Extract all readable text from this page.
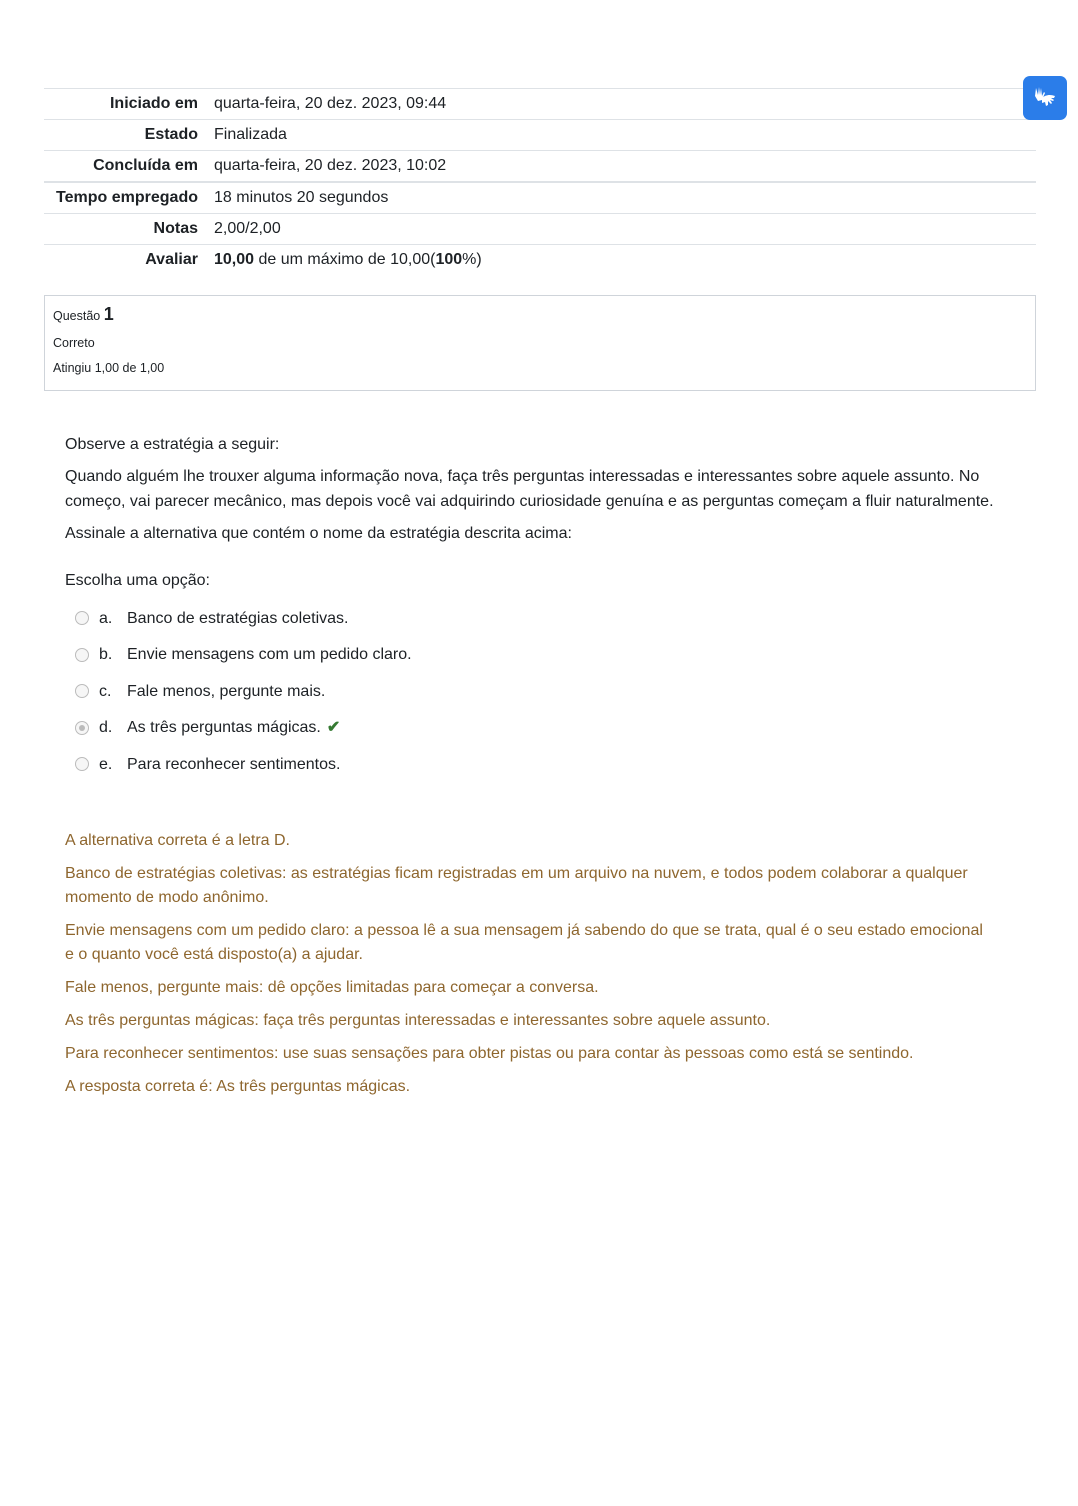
Iniciado em	quarta-feira, 20 dez. 2023, 09:44
Estado	Finalizada
Concluída em	quarta-feira, 20 dez. 2023, 10:02
Tempo empregado	18 minutos 20 segundos
Notas	2,00/2,00
Avaliar	10,00 de um máximo de 10,00(100%)
Questão 1
Correto
Atingiu 1,00 de 1,00

Observe a estratégia a seguir:

Quando alguém lhe trouxer alguma informação nova, faça três perguntas interessadas e interessantes sobre aquele assunto. No começo, vai parecer mecânico, mas depois você vai adquirindo curiosidade genuína e as perguntas começam a fluir naturalmente.

Assinale a alternativa que contém o nome da estratégia descrita acima:

Escolha uma opção:

a. Banco de estratégias coletivas.
b. Envie mensagens com um pedido claro.
c. Fale menos, pergunte mais.
d. As três perguntas mágicas. ✔
e. Para reconhecer sentimentos.

A alternativa correta é a letra D.

Banco de estratégias coletivas: as estratégias ficam registradas em um arquivo na nuvem, e todos podem colaborar a qualquer momento de modo anônimo.

Envie mensagens com um pedido claro: a pessoa lê a sua mensagem já sabendo do que se trata, qual é o seu estado emocional e o quanto você está disposto(a) a ajudar.

Fale menos, pergunte mais: dê opções limitadas para começar a conversa.

As três perguntas mágicas: faça três perguntas interessadas e interessantes sobre aquele assunto.

Para reconhecer sentimentos: use suas sensações para obter pistas ou para contar às pessoas como está se sentindo.

A resposta correta é: As três perguntas mágicas.
